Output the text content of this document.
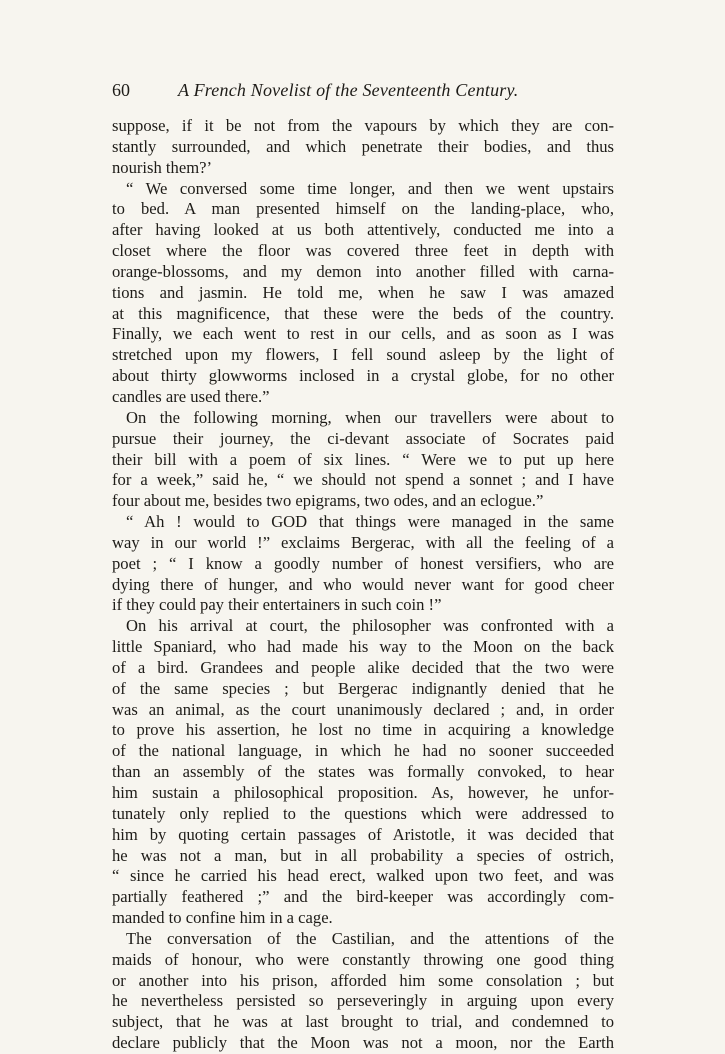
60	A French Novelist of the Seventeenth Century.
suppose, if it be not from the vapours by which they are con-
stantly surrounded, and which penetrate their bodies, and thus
nourish them?’
“ We conversed some time longer, and then we went upstairs
to bed. A man presented himself on the landing-place, who,
after having looked at us both attentively, conducted me into a
closet where the floor was covered three feet in depth with
orange-blossoms, and my demon into another filled with carna-
tions and jasmin. He told me, when he saw I was amazed
at this magnificence, that these were the beds of the country.
Finally, we each went to rest in our cells, and as soon as I was
stretched upon my flowers, I fell sound asleep by the light of
about thirty glowworms inclosed in a crystal globe, for no other
candles are used there.”
On the following morning, when our travellers were about to
pursue their journey, the ci-devant associate of Socrates paid
their bill with a poem of six lines. “ Were we to put up here
for a week,” said he, “ we should not spend a sonnet ; and I have
four about me, besides two epigrams, two odes, and an eclogue.”
“ Ah ! would to GOD that things were managed in the same
way in our world !” exclaims Bergerac, with all the feeling of a
poet ; “ I know a goodly number of honest versifiers, who are
dying there of hunger, and who would never want for good cheer
if they could pay their entertainers in such coin !”
On his arrival at court, the philosopher was confronted with a
little Spaniard, who had made his way to the Moon on the back
of a bird. Grandees and people alike decided that the two were
of the same species ; but Bergerac indignantly denied that he
was an animal, as the court unanimously declared ; and, in order
to prove his assertion, he lost no time in acquiring a knowledge
of the national language, in which he had no sooner succeeded
than an assembly of the states was formally convoked, to hear
him sustain a philosophical proposition. As, however, he unfor-
tunately only replied to the questions which were addressed to
him by quoting certain passages of Aristotle, it was decided that
he was not a man, but in all probability a species of ostrich,
“ since he carried his head erect, walked upon two feet, and was
partially feathered ;” and the bird-keeper was accordingly com-
manded to confine him in a cage.
The conversation of the Castilian, and the attentions of the
maids of honour, who were constantly throwing one good thing
or another into his prison, afforded him some consolation ; but
he nevertheless persisted so perseveringly in arguing upon every
subject, that he was at last brought to trial, and condemned to
declare publicly that the Moon was not a moon, nor the Earth
